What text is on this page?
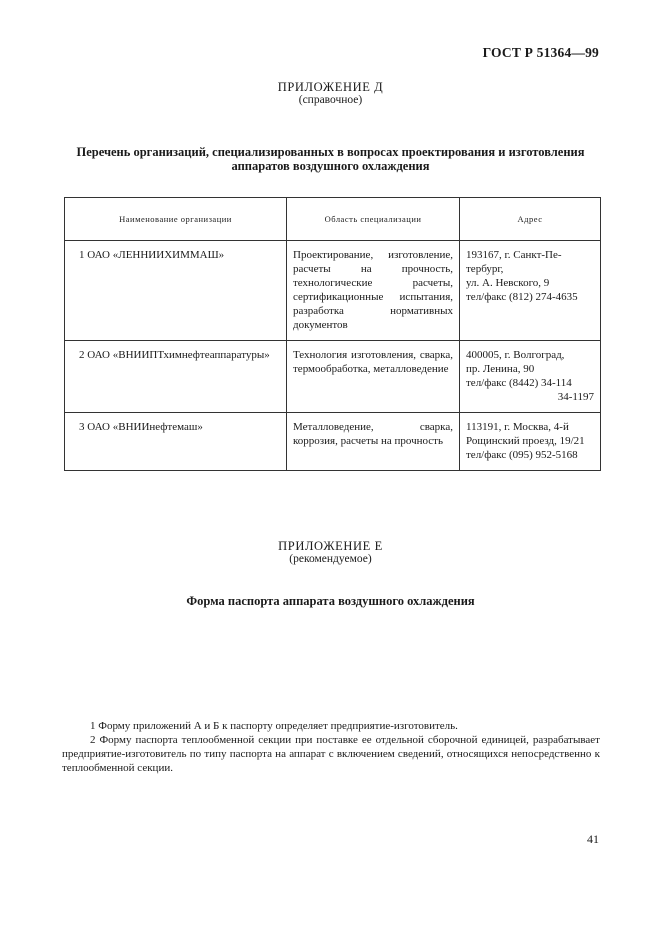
ГОСТ Р 51364—99
ПРИЛОЖЕНИЕ Д
(справочное)
Перечень организаций, специализированных в вопросах проектирования и изготовления
аппаратов воздушного охлаждения
Наименование организации	Область специализации	Адрес
1 ОАО «ЛЕННИИХИММАШ»	Проектирование, изготовление, расчеты на прочность, технологические расчеты, сертификационные испытания, разработка нормативных документов	193167, г. Санкт-Пе-
тербург,
ул. А. Невского, 9
тел/факс (812) 274-4635

2 ОАО «ВНИИПТхимнефтеаппаратуры»	Технология изготовления, сварка, термообработка, металловедение	400005, г. Волгоград,
пр. Ленина, 90
тел/факс (8442) 34-114
34-1197

3 ОАО «ВНИИнефтемаш»	Металловедение, сварка, коррозия, расчеты на прочность	113191, г. Москва, 4-й
Рощинский проезд, 19/21
тел/факс (095) 952-5168
ПРИЛОЖЕНИЕ Е
(рекомендуемое)
Форма паспорта аппарата воздушного охлаждения

1 Форму приложений А и Б к паспорту определяет предприятие-изготовитель.

2 Форму паспорта теплообменной секции при поставке ее отдельной сборочной единицей, разрабатывает предприятие-изготовитель по типу паспорта на аппарат с включением сведений, относящихся непосредственно к теплообменной секции.

41
